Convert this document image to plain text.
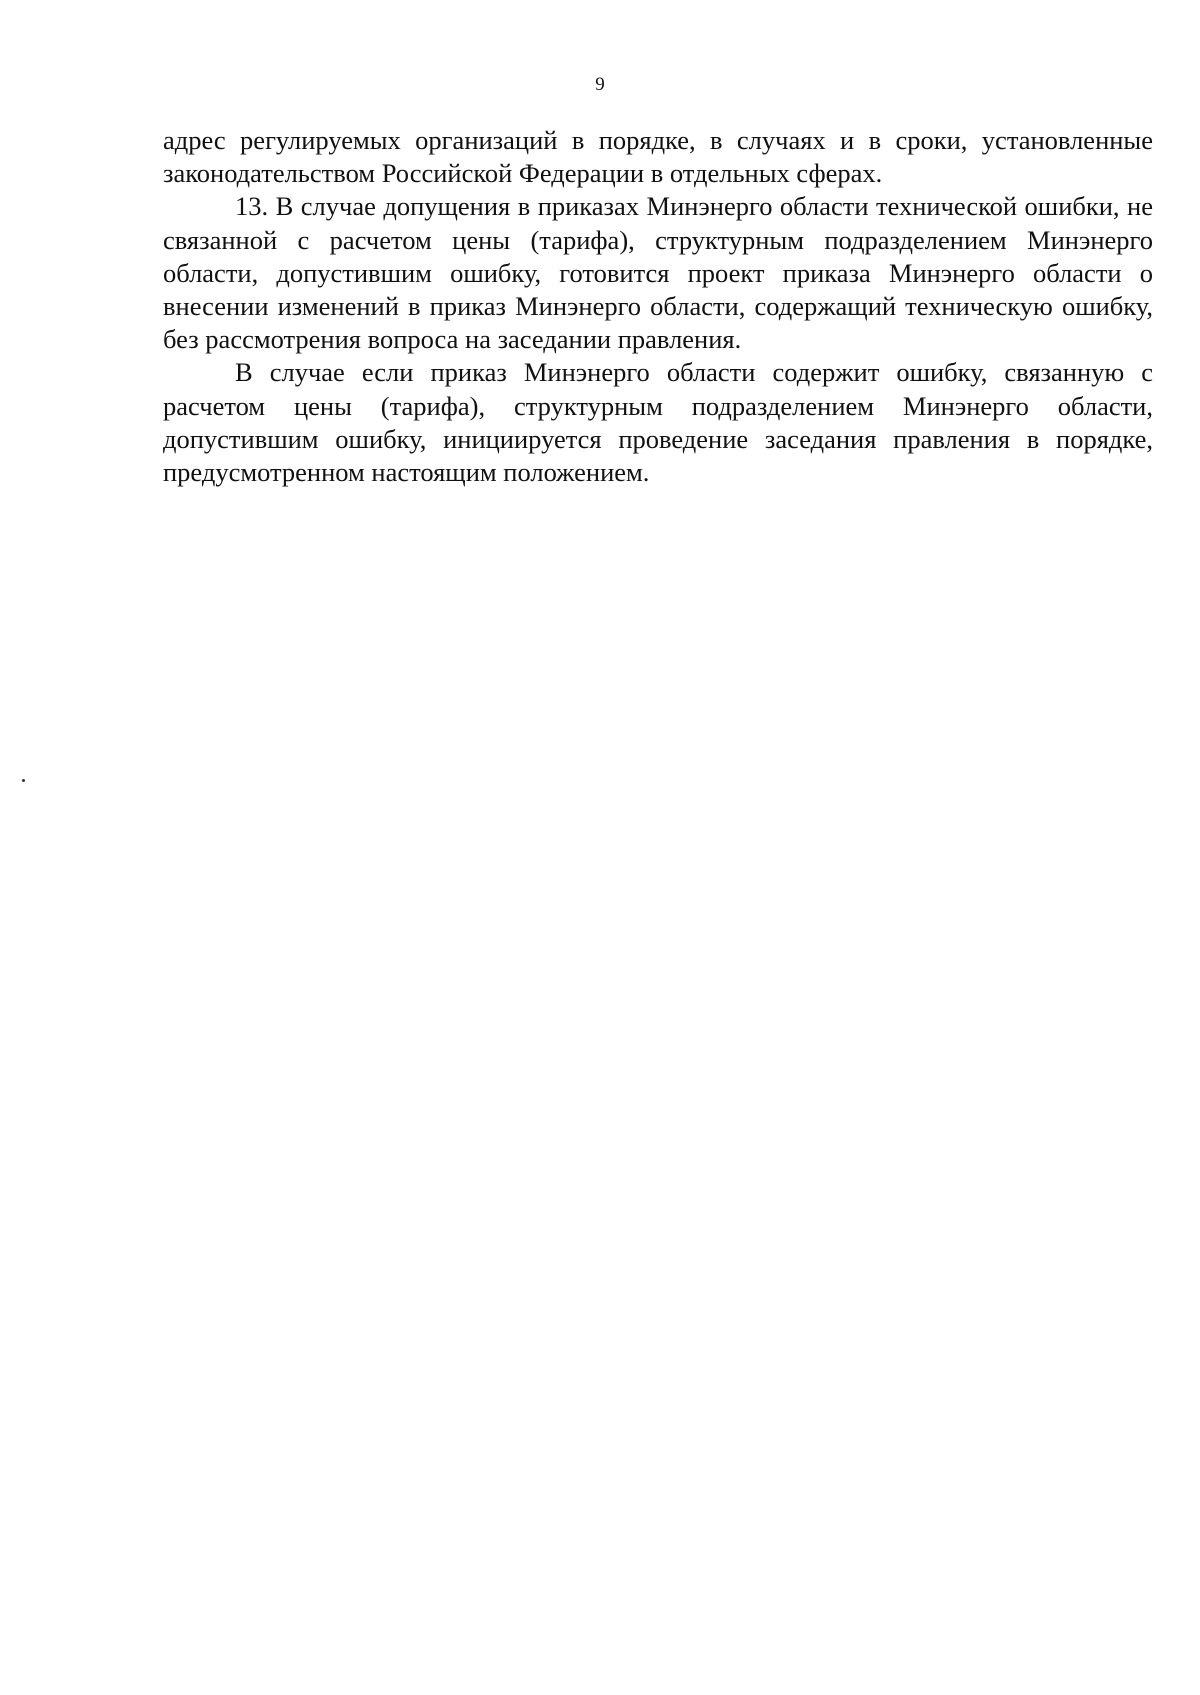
9

адрес регулируемых организаций в порядке, в случаях и в сроки, установленные законодательством Российской Федерации в отдельных сферах.

13. В случае допущения в приказах Минэнерго области технической ошибки, не связанной с расчетом цены (тарифа), структурным подразделением Минэнерго области, допустившим ошибку, готовится проект приказа Минэнерго области о внесении изменений в приказ Минэнерго области, содержащий техническую ошибку, без рассмотрения вопроса на заседании правления.

В случае если приказ Минэнерго области содержит ошибку, связанную с расчетом цены (тарифа), структурным подразделением Минэнерго области, допустившим ошибку, инициируется проведение заседания правления в порядке, предусмотренном настоящим положением.
